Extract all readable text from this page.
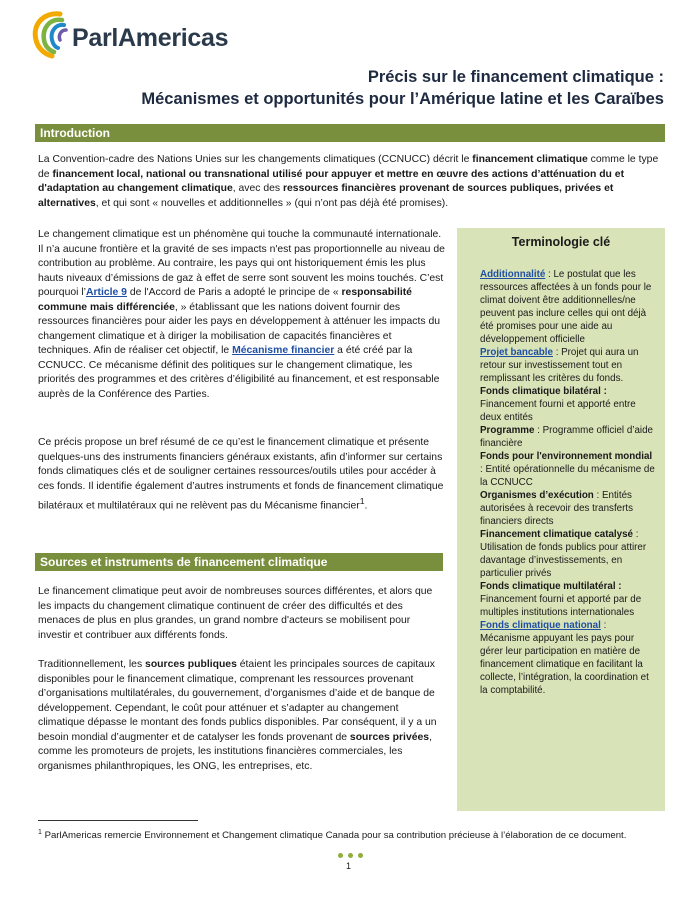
ParlAmericas
Précis sur le financement climatique :
Mécanismes et opportunités pour l’Amérique latine et les Caraïbes
Introduction
La Convention-cadre des Nations Unies sur les changements climatiques (CCNUCC) décrit le financement climatique comme le type de financement local, national ou transnational utilisé pour appuyer et mettre en œuvre des actions d’atténuation du et d'adaptation au changement climatique, avec des ressources financières provenant de sources publiques, privées et alternatives, et qui sont « nouvelles et additionnelles » (qui n’ont pas déjà été promises).
Le changement climatique est un phénomène qui touche la communauté internationale. Il n’a aucune frontière et la gravité de ses impacts n'est pas proportionnelle au niveau de contribution au problème. Au contraire, les pays qui ont historiquement émis les plus hauts niveaux d’émissions de gaz à effet de serre sont souvent les moins touchés. C’est pourquoi l’Article 9 de l'Accord de Paris a adopté le principe de « responsabilité commune mais différenciée, » établissant que les nations doivent fournir des ressources financières pour aider les pays en développement à atténuer les impacts du changement climatique et à diriger la mobilisation de capacités financières et techniques. Afin de réaliser cet objectif, le Mécanisme financier a été créé par la CCNUCC. Ce mécanisme définit des politiques sur le changement climatique, les priorités des programmes et des critères d’éligibilité au financement, et est responsable auprès de la Conférence des Parties.
Ce précis propose un bref résumé de ce qu’est le financement climatique et présente quelques-uns des instruments financiers généraux existants, afin d’informer sur certains fonds climatiques clés et de souligner certaines ressources/outils utiles pour accéder à ces fonds. Il identifie également d’autres instruments et fonds de financement climatique bilatéraux et multilatéraux qui ne relèvent pas du Mécanisme financier$^1$.
Sources et instruments de financement climatique
Le financement climatique peut avoir de nombreuses sources différentes, et alors que les impacts du changement climatique continuent de créer des difficultés et des menaces de plus en plus grandes, un grand nombre d'acteurs se mobilisent pour investir et contribuer aux différents fonds.
Traditionnellement, les sources publiques étaient les principales sources de capitaux disponibles pour le financement climatique, comprenant les ressources provenant d’organisations multilatérales, du gouvernement, d’organismes d’aide et de banque de développement. Cependant, le coût pour atténuer et s’adapter au changement climatique dépasse le montant des fonds publics disponibles. Par conséquent, il y a un besoin mondial d’augmenter et de catalyser les fonds provenant de sources privées, comme les promoteurs de projets, les institutions financières commerciales, les organismes philanthropiques, les ONG, les entreprises, etc.
Terminologie clé

Additionnalité : Le postulat que les ressources affectées à un fonds pour le climat doivent être additionnelles/ne peuvent pas inclure celles qui ont déjà été promises pour une aide au développement officielle

Projet bancable : Projet qui aura un retour sur investissement tout en remplissant les critères du fonds.

Fonds climatique bilatéral : Financement fourni et apporté entre deux entités

Programme : Programme officiel d’aide financière

Fonds pour l'environnement mondial : Entité opérationnelle du mécanisme de la CCNUCC

Organismes d’exécution : Entités autorisées à recevoir des transferts financiers directs

Financement climatique catalysé : Utilisation de fonds publics pour attirer davantage d’investissements, en particulier privés

Fonds climatique multilatéral : Financement fourni et apporté par de multiples institutions internationales

Fonds climatique national : Mécanisme appuyant les pays pour gérer leur participation en matière de financement climatique en facilitant la collecte, l’intégration, la coordination et la comptabilité.

$^1$ ParlAmericas remercie Environnement et Changement climatique Canada pour sa contribution précieuse à l’élaboration de ce document.
1
